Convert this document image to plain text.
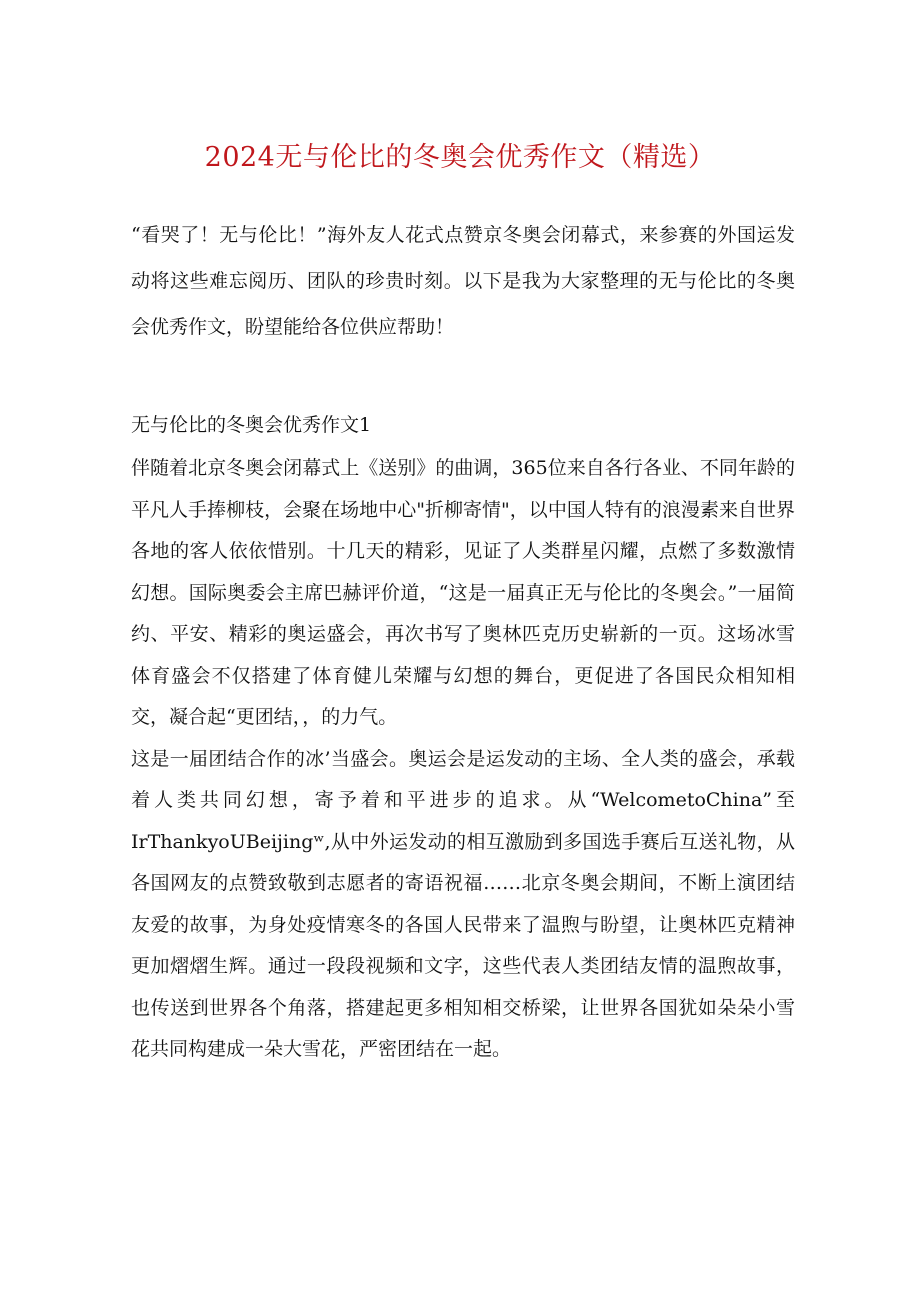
2024无与伦比的冬奥会优秀作文（精选）

“看哭了！无与伦比！”海外友人花式点赞京冬奥会闭幕式，来参赛的外国运发动将这些难忘阅历、团队的珍贵时刻。以下是我为大家整理的无与伦比的冬奥会优秀作文，盼望能给各位供应帮助！

无与伦比的冬奥会优秀作文1

伴随着北京冬奥会闭幕式上《送别》的曲调，365位来自各行各业、不同年龄的平凡人手捧柳枝，会聚在场地中心"折柳寄情"，以中国人特有的浪漫素来自世界各地的客人依依惜别。十几天的精彩，见证了人类群星闪耀，点燃了多数激情幻想。国际奥委会主席巴赫评价道，“这是一届真正无与伦比的冬奥会。”一届简约、平安、精彩的奥运盛会，再次书写了奥林匹克历史崭新的一页。这场冰雪体育盛会不仅搭建了体育健儿荣耀与幻想的舞台，更促进了各国民众相知相交，凝合起“更团结，，的力气。

这是一届团结合作的冰’当盛会。奥运会是运发动的主场、全人类的盛会，承载着人类共同幻想，寄予着和平进步的追求。从“WelcometoChina”至IrThankyoUBeijingʷ,从中外运发动的相互激励到多国选手赛后互送礼物，从各国网友的点赞致敬到志愿者的寄语祝福……北京冬奥会期间，不断上演团结友爱的故事，为身处疫情寒冬的各国人民带来了温煦与盼望，让奥林匹克精神更加熠熠生辉。通过一段段视频和文字，这些代表人类团结友情的温煦故事，也传送到世界各个角落，搭建起更多相知相交桥梁，让世界各国犹如朵朵小雪花共同构建成一朵大雪花，严密团结在一起。
